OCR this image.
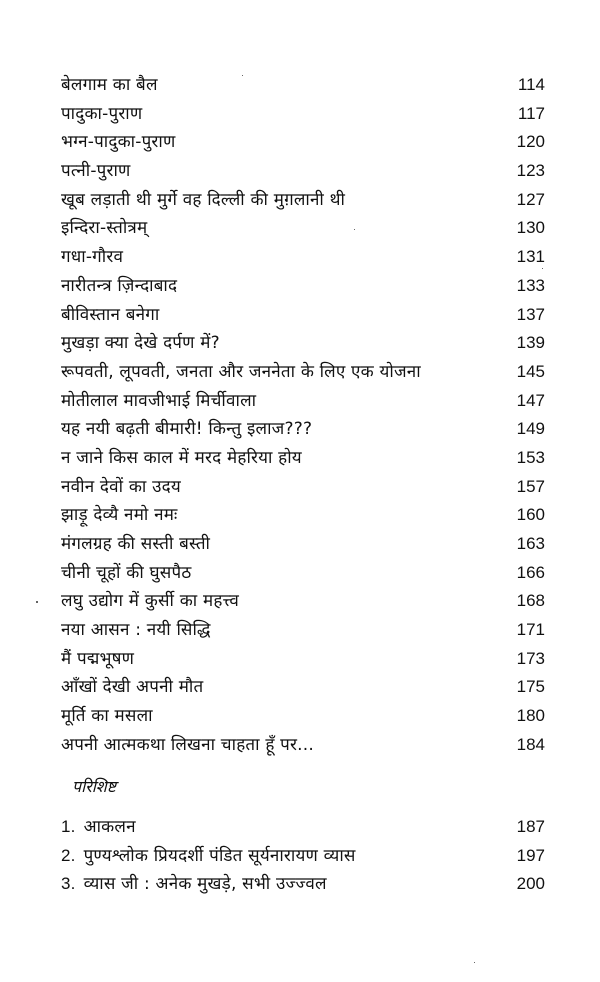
बेलगाम का बैल	114
पादुका-पुराण	117
भग्न-पादुका-पुराण	120
पत्नी-पुराण	123
खूब लड़ाती थी मुर्गे वह दिल्ली की मुग़लानी थी	127
इन्दिरा-स्तोत्रम्	130
गधा-गौरव	131
नारीतन्त्र ज़िन्दाबाद	133
बीविस्तान बनेगा	137
मुखड़ा क्या देखे दर्पण में?	139
रूपवती, लूपवती, जनता और जननेता के लिए एक योजना	145
मोतीलाल मावजीभाई मिर्चीवाला	147
यह नयी बढ़ती बीमारी! किन्तु इलाज???	149
न जाने किस काल में मरद मेहरिया होय	153
नवीन देवों का उदय	157
झाड़ू देव्यै नमो नमः	160
मंगलग्रह की सस्ती बस्ती	163
चीनी चूहों की घुसपैठ	166
लघु उद्योग में कुर्सी का महत्त्व	168
नया आसन : नयी सिद्धि	171
मैं पद्मभूषण	173
आँखों देखी अपनी मौत	175
मूर्ति का मसला	180
अपनी आत्मकथा लिखना चाहता हूँ पर...	184
परिशिष्ट
1. आकलन	187
2. पुण्यश्लोक प्रियदर्शी पंडित सूर्यनारायण व्यास	197
3. व्यास जी : अनेक मुखड़े, सभी उज्ज्वल	200
